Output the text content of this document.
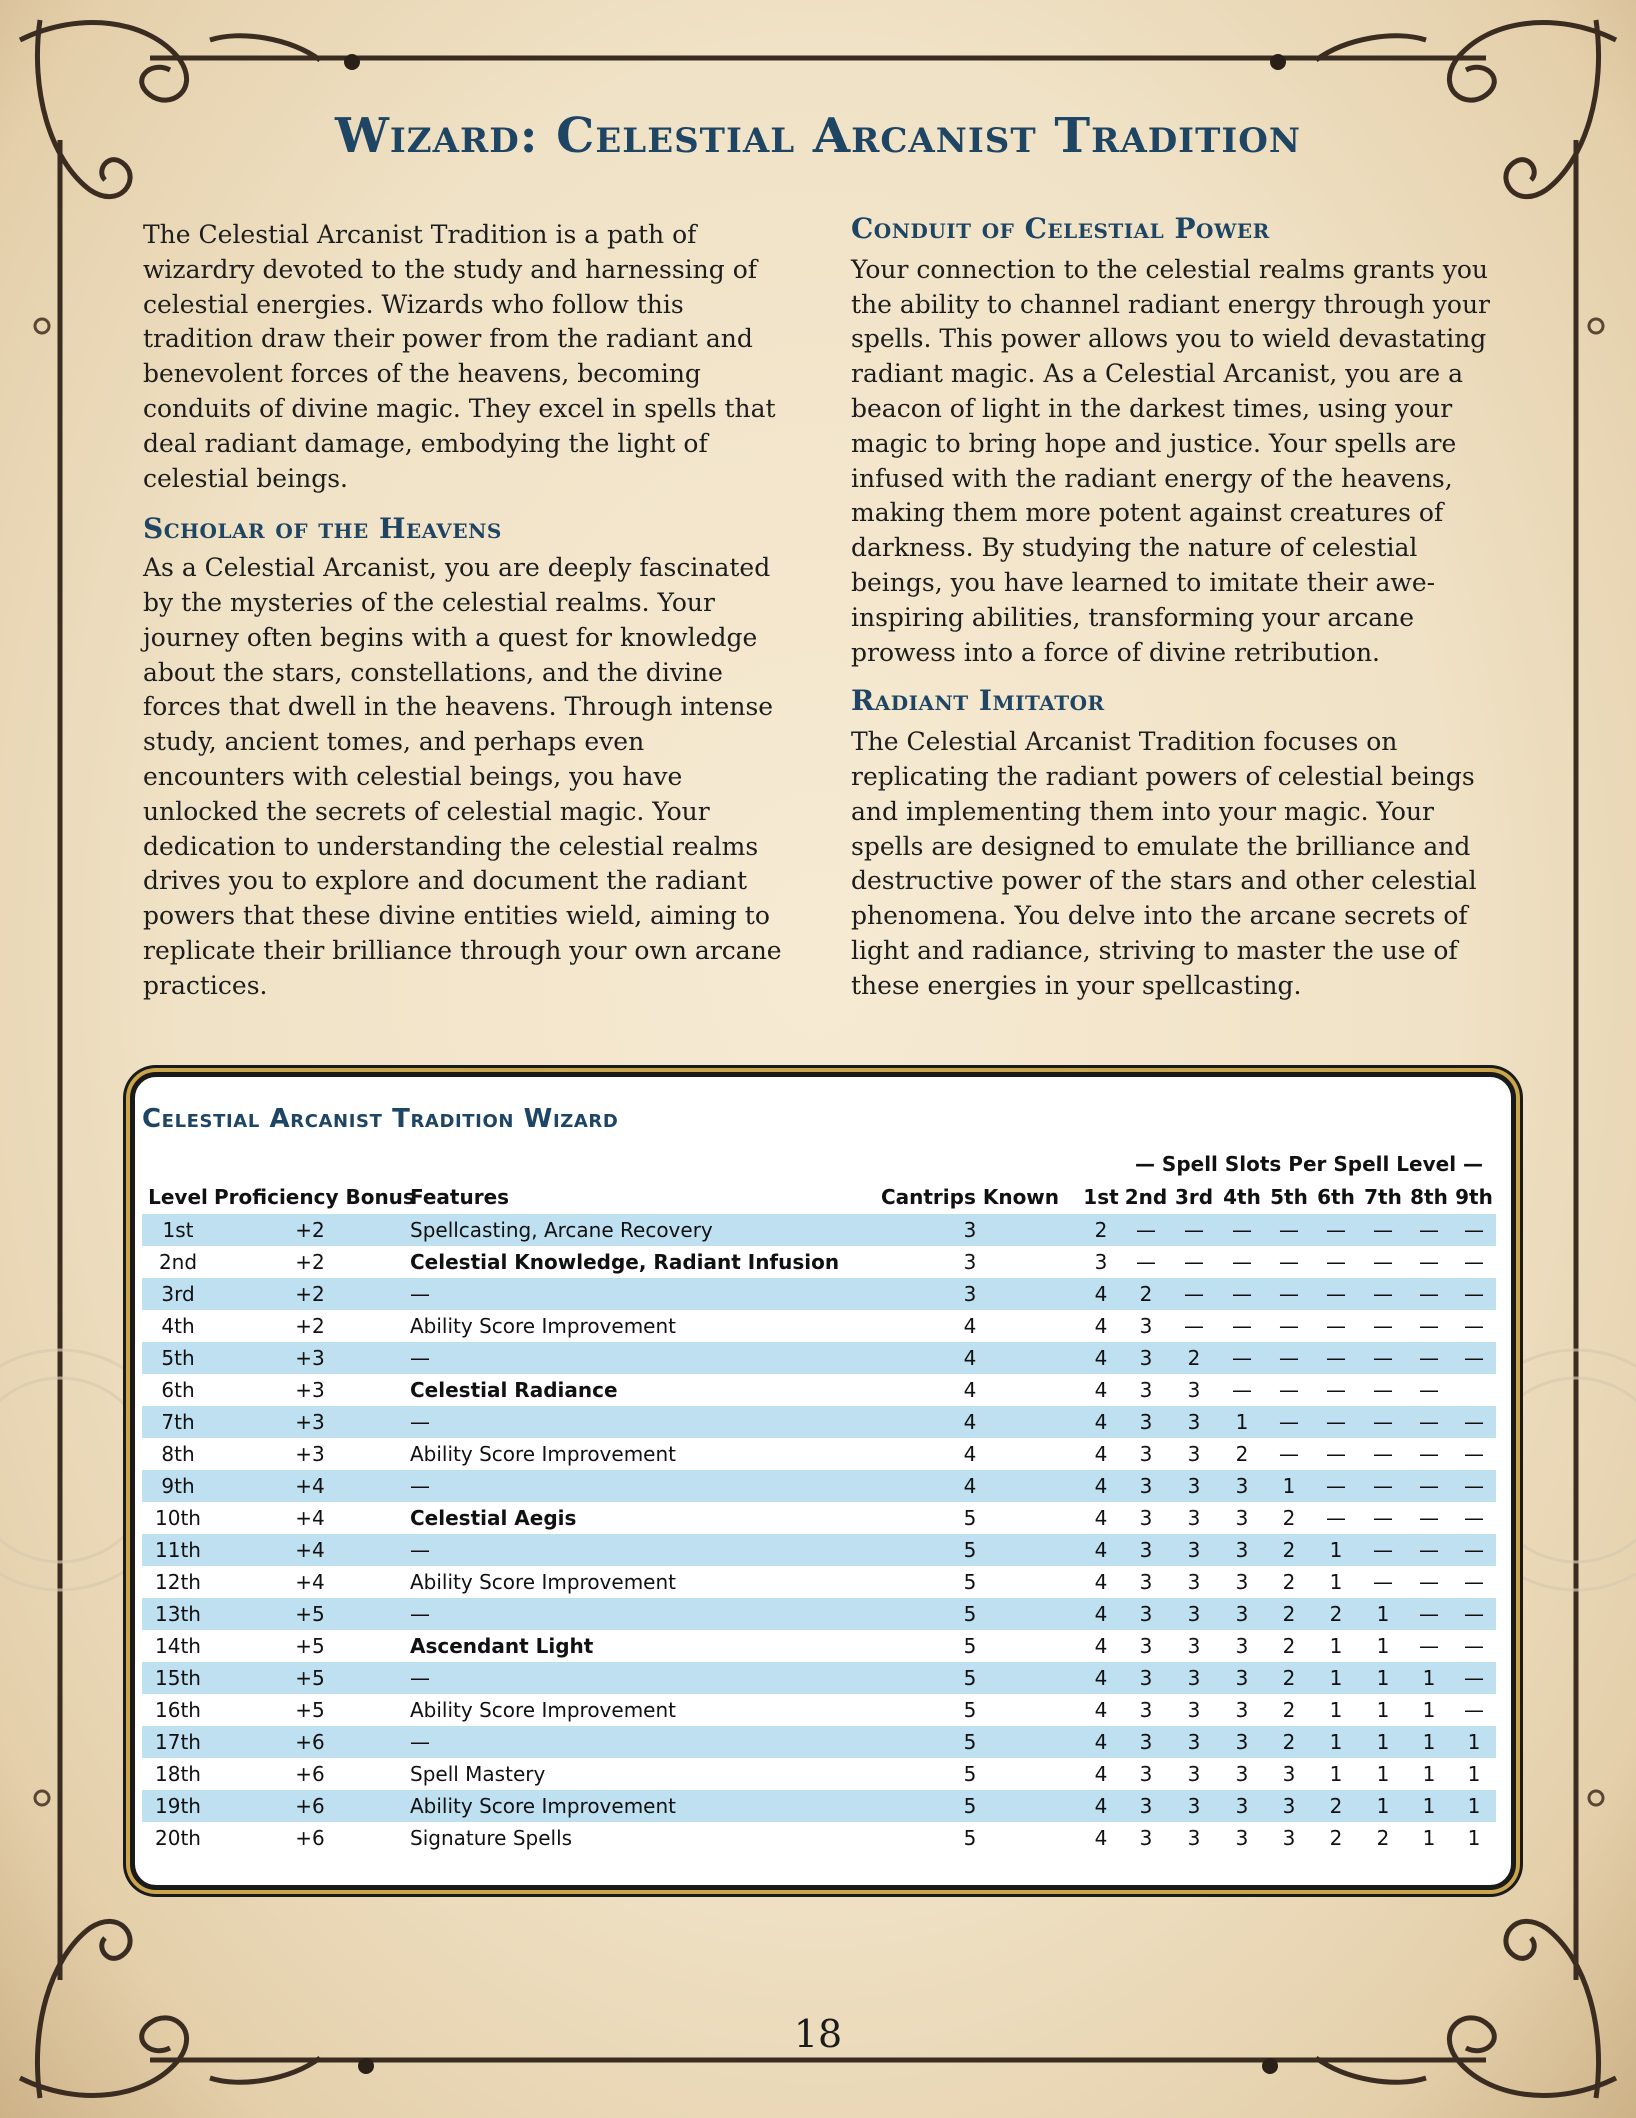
Wizard: Celestial Arcanist Tradition

The Celestial Arcanist Tradition is a path of wizardry devoted to the study and harnessing of celestial energies. Wizards who follow this tradition draw their power from the radiant and benevolent forces of the heavens, becoming conduits of divine magic. They excel in spells that deal radiant damage, embodying the light of celestial beings.

Scholar of the Heavens

As a Celestial Arcanist, you are deeply fascinated by the mysteries of the celestial realms. Your journey often begins with a quest for knowledge about the stars, constellations, and the divine forces that dwell in the heavens. Through intense study, ancient tomes, and perhaps even encounters with celestial beings, you have unlocked the secrets of celestial magic. Your dedication to understanding the celestial realms drives you to explore and document the radiant powers that these divine entities wield, aiming to replicate their brilliance through your own arcane practices.

Conduit of Celestial Power

Your connection to the celestial realms grants you the ability to channel radiant energy through your spells. This power allows you to wield devastating radiant magic. As a Celestial Arcanist, you are a beacon of light in the darkest times, using your magic to bring hope and justice. Your spells are infused with the radiant energy of the heavens, making them more potent against creatures of darkness. By studying the nature of celestial beings, you have learned to imitate their awe-inspiring abilities, transforming your arcane prowess into a force of divine retribution.

Radiant Imitator

The Celestial Arcanist Tradition focuses on replicating the radiant powers of celestial beings and implementing them into your magic. Your spells are designed to emulate the brilliance and destructive power of the stars and other celestial phenomena. You delve into the arcane secrets of light and radiance, striving to master the use of these energies in your spellcasting.

Celestial Arcanist Tradition Wizard
— Spell Slots Per Spell Level —
Level	Proficiency Bonus	Features	Cantrips Known	1st	2nd	3rd	4th	5th	6th	7th	8th	9th
1st	+2	Spellcasting, Arcane Recovery	3	2	—	—	—	—	—	—	—	—
2nd	+2	Celestial Knowledge, Radiant Infusion	3	3	—	—	—	—	—	—	—	—
3rd	+2	—	3	4	2	—	—	—	—	—	—	—
4th	+2	Ability Score Improvement	4	4	3	—	—	—	—	—	—	—
5th	+3	—	4	4	3	2	—	—	—	—	—	—
6th	+3	Celestial Radiance	4	4	3	3	—	—	—	—	—	
7th	+3	—	4	4	3	3	1	—	—	—	—	—
8th	+3	Ability Score Improvement	4	4	3	3	2	—	—	—	—	—
9th	+4	—	4	4	3	3	3	1	—	—	—	—
10th	+4	Celestial Aegis	5	4	3	3	3	2	—	—	—	—
11th	+4	—	5	4	3	3	3	2	1	—	—	—
12th	+4	Ability Score Improvement	5	4	3	3	3	2	1	—	—	—
13th	+5	—	5	4	3	3	3	2	2	1	—	—
14th	+5	Ascendant Light	5	4	3	3	3	2	1	1	—	—
15th	+5	—	5	4	3	3	3	2	1	1	1	—
16th	+5	Ability Score Improvement	5	4	3	3	3	2	1	1	1	—
17th	+6	—	5	4	3	3	3	2	1	1	1	1
18th	+6	Spell Mastery	5	4	3	3	3	3	1	1	1	1
19th	+6	Ability Score Improvement	5	4	3	3	3	3	2	1	1	1
20th	+6	Signature Spells	5	4	3	3	3	3	2	2	1	1
18
